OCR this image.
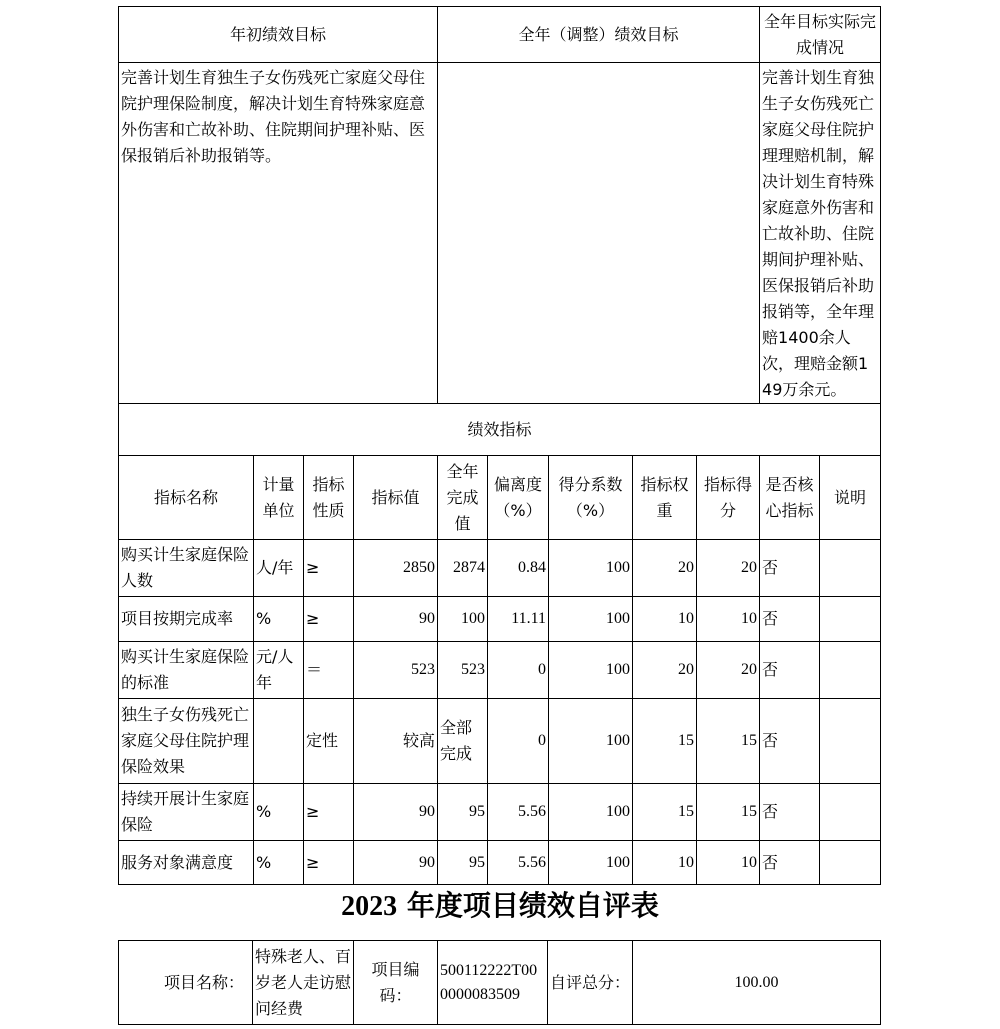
年初绩效目标				全年（调整）绩效目标					全年目标实际完成情况	
完善计划生育独生子女伤残死亡家庭父母住院护理保险制度，解决计划生育特殊家庭意外伤害和亡故补助、住院期间护理补贴、医保报销后补助报销等。									完善计划生育独生子女伤残死亡家庭父母住院护理理赔机制，解决计划生育特殊家庭意外伤害和亡故补助、住院期间护理补贴、医保报销后补助报销等，全年理赔1400余人次，理赔金额149万余元。	
绩效指标										
指标名称	计量单位	指标性质	指标值	全年完成值	偏离度（%）	得分系数（%）	指标权重	指标得分	是否核心指标	说明
购买计生家庭保险人数	人/年	≥	2850	2874	0.84	100	20	20	否	
项目按期完成率	%	≥	90	100	11.11	100	10	10	否	
购买计生家庭保险的标准	元/人年	＝	523	523	0	100	20	20	否	
独生子女伤残死亡家庭父母住院护理保险效果		定性	较高	全部完成	0	100	15	15	否	
持续开展计生家庭保险	%	≥	90	95	5.56	100	15	15	否	
服务对象满意度	%	≥	90	95	5.56	100	10	10	否	
2023 年度项目绩效自评表
项目名称：	特殊老人、百岁老人走访慰问经费	项目编码：	500112222T000000083509	自评总分：	100.00
